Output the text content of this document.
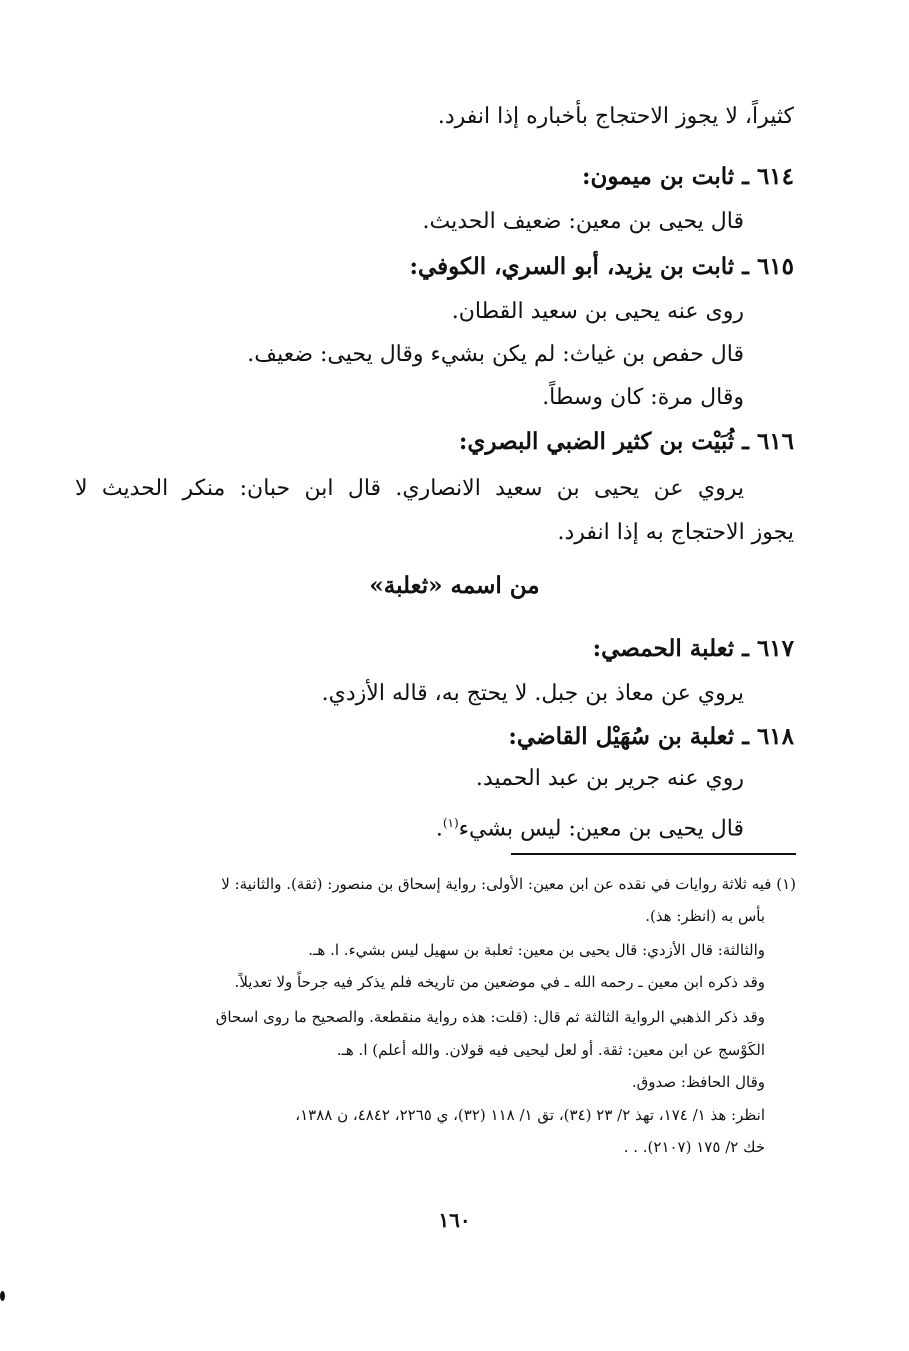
كثيراً، لا يجوز الاحتجاج بأخباره إذا انفرد.
٦١٤ ـ ثابت بن ميمون:
قال يحيى بن معين: ضعيف الحديث.
٦١٥ ـ ثابت بن يزيد، أبو السري، الكوفي:
روى عنه يحيى بن سعيد القطان.
قال حفص بن غياث: لم يكن بشيء وقال يحيى: ضعيف.
وقال مرة: كان وسطاً.
٦١٦ ـ ثُبَيْت بن كثير الضبي البصري:
يروي عن يحيى بن سعيد الانصاري. قال ابن حبان: منكر الحديث لا
يجوز الاحتجاج به إذا انفرد.
من اسمه «ثعلبة»
٦١٧ ـ ثعلبة الحمصي:
يروي عن معاذ بن جبل. لا يحتج به، قاله الأزدي.
٦١٨ ـ ثعلبة بن سُهَيْل القاضي:
روي عنه جرير بن عبد الحميد.
قال يحيى بن معين: ليس بشيء$^{(١)}$.
(١) فيه ثلاثة روايات في نقده عن ابن معين: الأولى: رواية إسحاق بن منصور: (ثقة). والثانية: لا
بأس به (انظر: هذ).
والثالثة: قال الأزدي: قال يحيى بن معين: ثعلبة بن سهيل ليس بشيء. ا. هـ.
وقد ذكره ابن معين ـ رحمه الله ـ في موضعين من تاريخه فلم يذكر فيه جرحاً ولا تعديلاً.
وقد ذكر الذهبي الرواية الثالثة ثم قال: (قلت: هذه رواية منقطعة. والصحيح ما روى اسحاق
الكَوْسج عن ابن معين: ثقة. أو لعل ليحيى فيه قولان. والله أعلم) ا. هـ.
وقال الحافظ: صدوق.
انظر: هذ ١/ ١٧٤، تهذ ٢/ ٢٣ (٣٤)، تق ١/ ١١٨ (٣٢)، ي ٢٢٦٥، ٤٨٤٢، ن ١٣٨٨،
خك ٢/ ١٧٥ (٢١٠٧). . .
١٦٠
